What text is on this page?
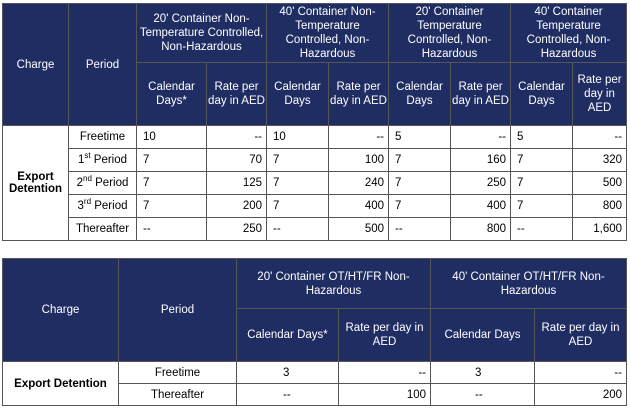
Charge	Period	20' Container Non-Temperature Controlled, Non-Hazardous		40' Container Non-Temperature Controlled, Non-Hazardous		20' Container Temperature Controlled, Non-Hazardous		40' Container Temperature Controlled, Non-Hazardous	
		Calendar Days*	Rate per day in AED	Calendar Days	Rate per day in AED	Calendar Days	Rate per day in AED	Calendar Days	Rate per day in AED
Export Detention	Freetime	10	--	10	--	5	--	5	--
	1st Period	7	70	7	100	7	160	7	320
	2nd Period	7	125	7	240	7	250	7	500
	3rd Period	7	200	7	400	7	400	7	800
	Thereafter	--	250	--	500	--	800	--	1,600
Charge	Period	20' Container OT/HT/FR Non-Hazardous		40' Container OT/HT/FR Non-Hazardous	
		Calendar Days*	Rate per day in AED	Calendar Days	Rate per day in AED
Export Detention	Freetime	3	--	3	--
	Thereafter	--	100	--	200
